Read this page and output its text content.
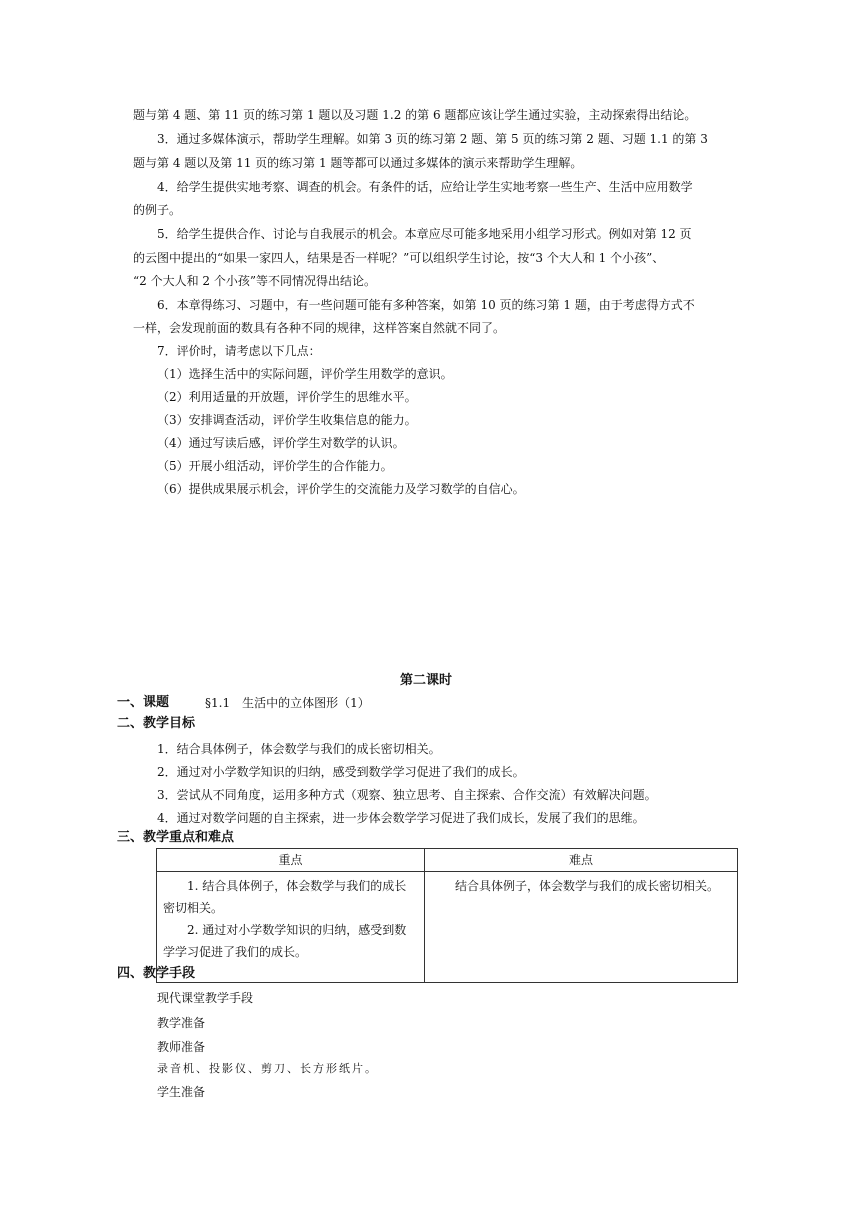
题与第 4 题、第 11 页的练习第 1 题以及习题 1.2 的第 6 题都应该让学生通过实验，主动探索得出结论。
3．通过多媒体演示，帮助学生理解。如第 3 页的练习第 2 题、第 5 页的练习第 2 题、习题 1.1 的第 3
题与第 4 题以及第 11 页的练习第 1 题等都可以通过多媒体的演示来帮助学生理解。
4．给学生提供实地考察、调查的机会。有条件的话，应给让学生实地考察一些生产、生活中应用数学
的例子。
5．给学生提供合作、讨论与自我展示的机会。本章应尽可能多地采用小组学习形式。例如对第 12 页
的云图中提出的“如果一家四人，结果是否一样呢？”可以组织学生讨论，按“3 个大人和 1 个小孩”、
“2 个大人和 2 个小孩”等不同情况得出结论。
6．本章得练习、习题中，有一些问题可能有多种答案，如第 10 页的练习第 1 题，由于考虑得方式不
一样，会发现前面的数具有各种不同的规律，这样答案自然就不同了。
7．评价时，请考虑以下几点：
（1）选择生活中的实际问题，评价学生用数学的意识。
（2）利用适量的开放题，评价学生的思维水平。
（3）安排调查活动，评价学生收集信息的能力。
（4）通过写读后感，评价学生对数学的认识。
（5）开展小组活动，评价学生的合作能力。
（6）提供成果展示机会，评价学生的交流能力及学习数学的自信心。
第二课时
一、课题	§1.1　生活中的立体图形（1）
二、教学目标
1．结合具体例子，体会数学与我们的成长密切相关。
2．通过对小学数学知识的归纳，感受到数学学习促进了我们的成长。
3．尝试从不同角度，运用多种方式（观察、独立思考、自主探索、合作交流）有效解决问题。
4．通过对数学问题的自主探索，进一步体会数学学习促进了我们成长，发展了我们的思维。
三、教学重点和难点
重点	难点

1. 结合具体例子，体会数学与我们的成长密切相关。

2. 通过对小学数学知识的归纳，感受到数学学习促进了我们的成长。	结合具体例子，体会数学与我们的成长密切相关。

四、教学手段
现代课堂教学手段
教学准备
教师准备
录音机、投影仪、剪刀、长方形纸片。
学生准备
